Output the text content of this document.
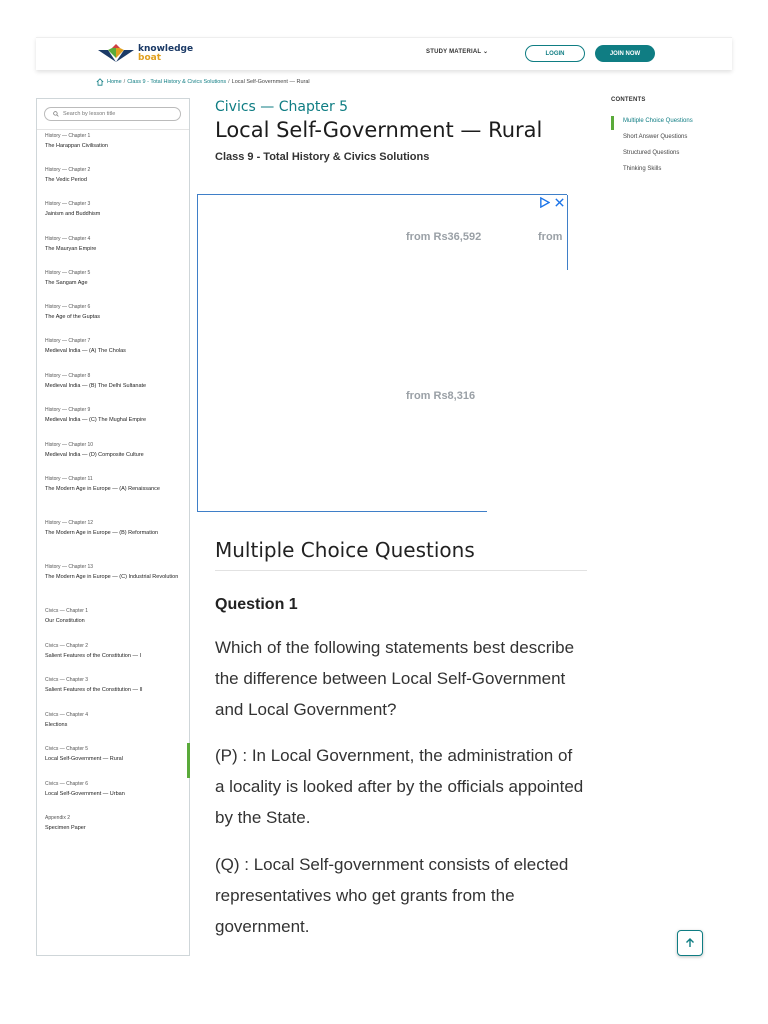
knowledge
boat
STUDY MATERIAL ⌄	LOGIN	JOIN NOW
Home / Class 9 - Total History & Civics Solutions / Local Self-Government — Rural
Search by lesson title
History — Chapter 1
The Harappan Civilisation
History — Chapter 2
The Vedic Period
History — Chapter 3
Jainism and Buddhism
History — Chapter 4
The Mauryan Empire
History — Chapter 5
The Sangam Age
History — Chapter 6
The Age of the Guptas
History — Chapter 7
Medieval India — (A) The Cholas
History — Chapter 8
Medieval India — (B) The Delhi Sultanate
History — Chapter 9
Medieval India — (C) The Mughal Empire
History — Chapter 10
Medieval India — (D) Composite Culture
History — Chapter 11
The Modern Age in Europe — (A) Renaissance
History — Chapter 12
The Modern Age in Europe — (B) Reformation
History — Chapter 13
The Modern Age in Europe — (C) Industrial Revolution
Civics — Chapter 1
Our Constitution
Civics — Chapter 2
Salient Features of the Constitution — I
Civics — Chapter 3
Salient Features of the Constitution — II
Civics — Chapter 4
Elections
Civics — Chapter 5
Local Self-Government — Rural
Civics — Chapter 6
Local Self-Government — Urban
Appendix 2
Specimen Paper
Civics — Chapter 5
Local Self-Government — Rural
Class 9 - Total History & Civics Solutions
from Rs36,592	from
from Rs8,316
Multiple Choice Questions
Question 1
Which of the following statements best describe the difference between Local Self-Government and Local Government?
(P) : In Local Government, the administration of a locality is looked after by the officials appointed by the State.
(Q) : Local Self-government consists of elected representatives who get grants from the government.
CONTENTS
Multiple Choice Questions
Short Answer Questions
Structured Questions
Thinking Skills
